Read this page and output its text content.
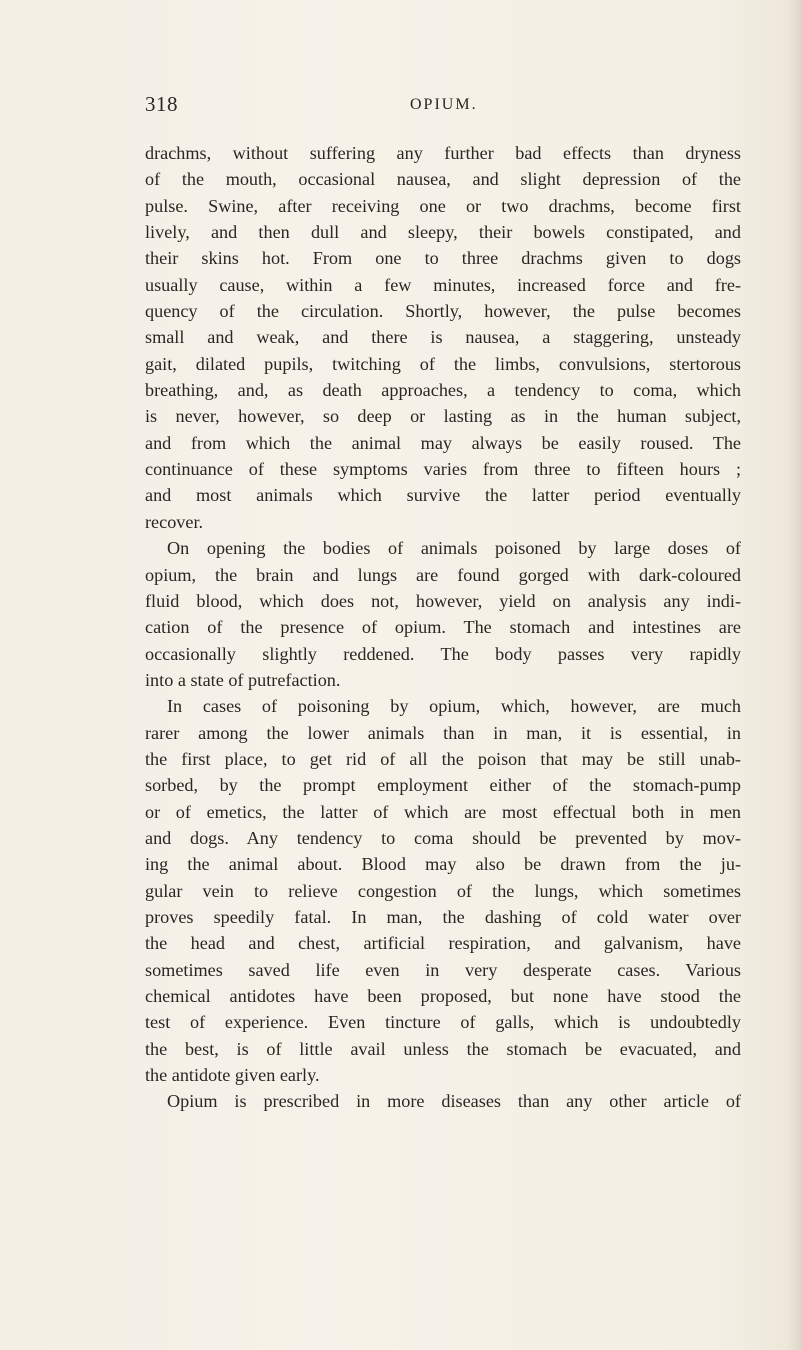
318	OPIUM.
drachms, without suffering any further bad effects than dryness
of the mouth, occasional nausea, and slight depression of the
pulse. Swine, after receiving one or two drachms, become first
lively, and then dull and sleepy, their bowels constipated, and
their skins hot. From one to three drachms given to dogs
usually cause, within a few minutes, increased force and fre-
quency of the circulation. Shortly, however, the pulse becomes
small and weak, and there is nausea, a staggering, unsteady
gait, dilated pupils, twitching of the limbs, convulsions, stertorous
breathing, and, as death approaches, a tendency to coma, which
is never, however, so deep or lasting as in the human subject,
and from which the animal may always be easily roused. The
continuance of these symptoms varies from three to fifteen hours ;
and most animals which survive the latter period eventually
recover.
On opening the bodies of animals poisoned by large doses of
opium, the brain and lungs are found gorged with dark-coloured
fluid blood, which does not, however, yield on analysis any indi-
cation of the presence of opium. The stomach and intestines are
occasionally slightly reddened. The body passes very rapidly
into a state of putrefaction.
In cases of poisoning by opium, which, however, are much
rarer among the lower animals than in man, it is essential, in
the first place, to get rid of all the poison that may be still unab-
sorbed, by the prompt employment either of the stomach-pump
or of emetics, the latter of which are most effectual both in men
and dogs. Any tendency to coma should be prevented by mov-
ing the animal about. Blood may also be drawn from the ju-
gular vein to relieve congestion of the lungs, which sometimes
proves speedily fatal. In man, the dashing of cold water over
the head and chest, artificial respiration, and galvanism, have
sometimes saved life even in very desperate cases. Various
chemical antidotes have been proposed, but none have stood the
test of experience. Even tincture of galls, which is undoubtedly
the best, is of little avail unless the stomach be evacuated, and
the antidote given early.
Opium is prescribed in more diseases than any other article of
